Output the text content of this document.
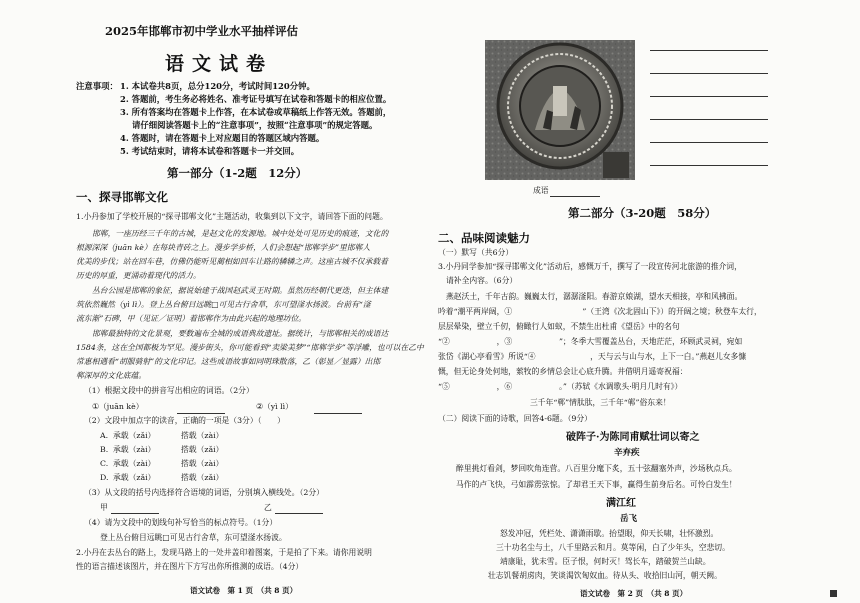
2025年邯郸市初中学业水平抽样评估
语文试卷
注意事项： 1. 本试卷共8页，总分120分，考试时间120分钟。
2. 答题前，考生务必将姓名、准考证号填写在试卷和答题卡的相应位置。
3. 所有答案均在答题卡上作答，在本试卷或草稿纸上作答无效。答题前，
请仔细阅读答题卡上的“注意事项”，按照“注意事项”的规定答题。
4. 答题时，请在答题卡上对应题目的答题区域内答题。
5. 考试结束时，请将本试卷和答题卡一并交回。
第一部分（1-2题　12分）
一、探寻邯郸文化
1.小丹参加了学校开展的“探寻邯郸文化”主题活动，收集到以下文字，请回答下面的问题。
邯郸，一座历经三千年的古城，是赵文化的发源地。城中处处可见历史的痕迹，文化的
根源深深（juān kè）在每块青砖之上。漫步学步桥，人们会想起“邯郸学步”里邯郸人
优美的步伐；站在回车巷，仿佛仍能听见蔺相如回车让路的辚辚之声。这座古城不仅承载着
历史的厚重，更涌动着现代的活力。
丛台公园是邯郸的象征，据说始建于战国赵武灵王时期。虽然历经朝代更迭，但主体建
筑依然巍然（yì lì）。登上丛台俯目远眺□可见古行舍草，东可望滏水扬波。台前有“滏
流东渐”石碑，甲（见证／证明）着邯郸作为由此兴起的地理坊位。
邯郸最独特的文化景观，要数遍布全城的成语典故遗址。据统计，与邯郸相关的成语达
1584条，这在全国都极为罕见。漫步街头，你可能看到“卖梁美梦”“邯郸学步”等浮雕，也可以在乙中
常惠相遇看“胡服骑射”的文化印记。这些成语故事如同明珠散落，乙（彰显／显露）出邯
郸深厚的文化底蕴。
（1）根据文段中的拼音写出相应的词语。（2分）
①（juān kè）	②（yì lì）
（2）文段中加点字的读音，正确的一项是（3分）（　　）
A. 承载（zǎi）	搭载（zài）
B. 承载（zài）	搭载（zǎi）
C. 承载（zài）	搭载（zài）
D. 承载（zǎi）	搭载（zǎi）
（3）从文段的括号内选择符合语境的词语，分别填入横线处。（2分）
甲	乙
（4）请为文段中的划线句补写恰当的标点符号。（1分）
登上丛台俯目远眺□可见古行舍草，东可望滏水扬波。
2.小丹在去丛台的路上，发现马路上的一处井盖印着图案，于是拍了下来。请你用说明
性的语言描述该图片，并在图片下方写出你所推测的成语。（4分）
语文试卷　第 1 页　（共 8 页）
成语
第二部分（3-20题　58分）
二、品味阅读魅力
（一）默写（共6分）
3.小丹同学参加“探寻邯郸文化”活动后，感慨万千，撰写了一段宣传河北旅游的推介词，
请补全内容。（6分）
燕赵沃土，千年古韵。巍巍太行，潺潺滏阳。春游京娘湖，望水天相接，亭和风拂面。
吟着“潮平两岸阔，①　　　　　　　　　”（王湾《次北固山下》）的开阔之境；秋登车太行，
层层晕染，壁立千仞，俯瞰行人如蚁，不禁生出杜甫《望岳》中的名句
“②　　　　　　，③　　　　　　”；冬季大雪覆盖丛台，天地茫茫，环顾武灵祠，宛如
张岱《湖心亭看雪》所说“④　　　　　　　，天与云与山与水，上下一白。”燕赵儿女多慷
慨，但无论身处何地，萦牧的乡情总会让心底升腾。井借明月遥寄祝福：
“⑤　　　　　　，⑥　　　　　　。”（苏轼《水调歌头·明月几时有》）
三千年“郸”情肽肽，三千年“郸”俗东来！
（二）阅读下面的诗歌，回答4-6题。（9分）
破阵子·为陈同甫赋壮词以寄之
辛弃疾
醉里挑灯看剑，梦回吹角连营。八百里分麾下炙，五十弦翻塞外声，沙场秋点兵。
马作的卢飞快，弓如霹雳弦惊。了却君王天下事，赢得生前身后名。可怜白发生！
满江红
岳飞
怒发冲冠，凭栏处、潇潇雨歇。抬望眼，仰天长啸，壮怀激烈。
三十功名尘与土，八千里路云和月。莫等闲，白了少年头，空悲切。
靖康耻，犹未雪。臣子恨，何时灭！驾长车，踏破贺兰山缺。
壮志饥餐胡虏肉，笑谈渴饮匈奴血。待从头、收拾旧山河，朝天阙。
语文试卷　第 2 页　（共 8 页）
